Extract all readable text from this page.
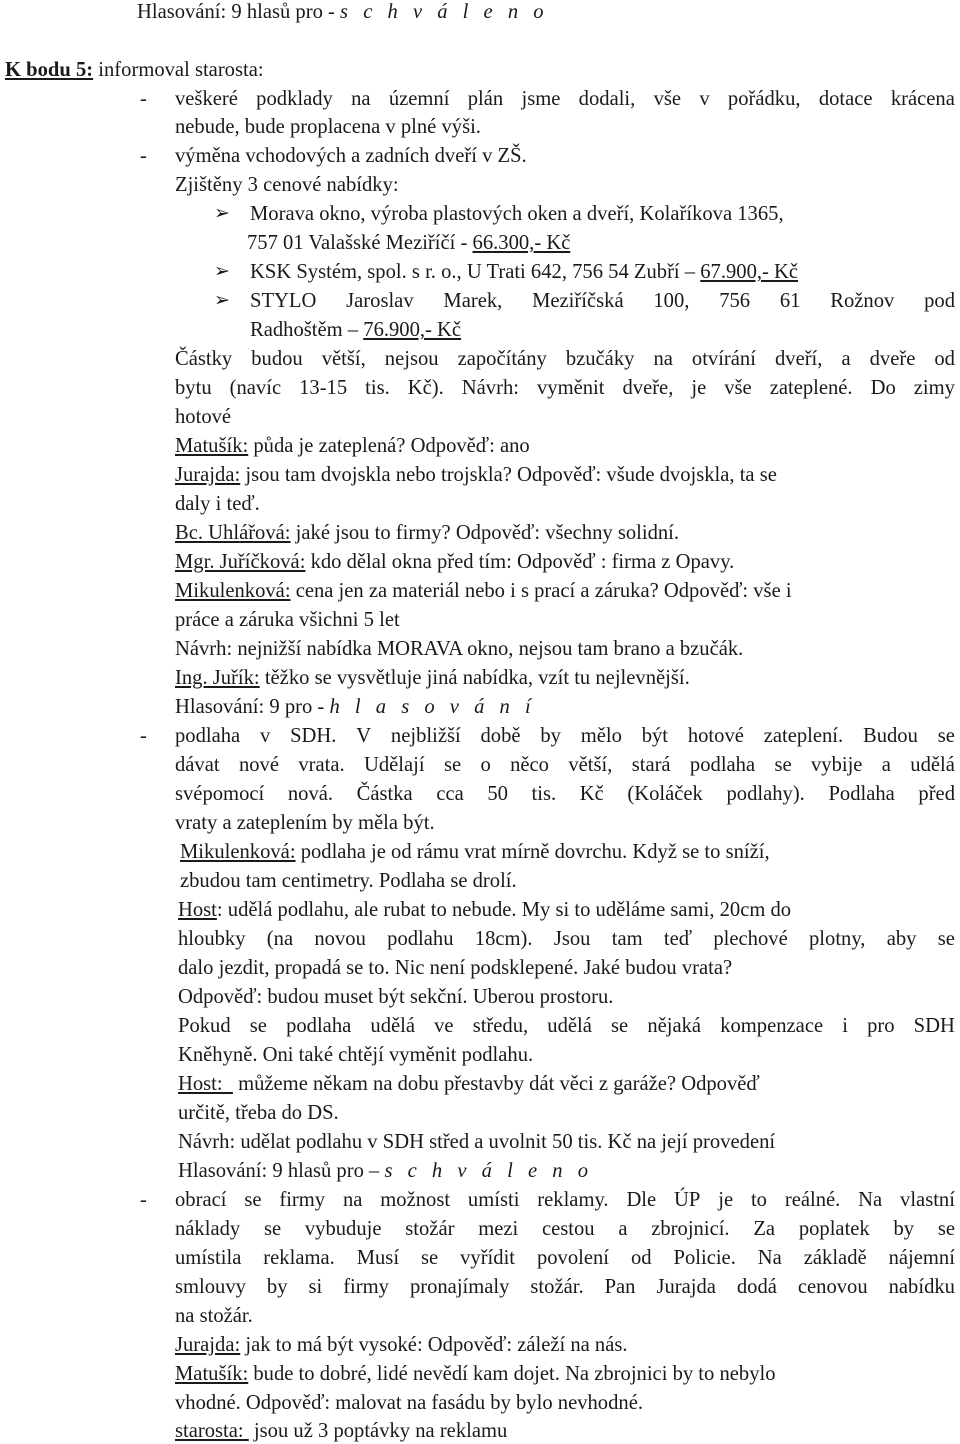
Hlasování: 9 hlasů pro - s c h v á l e n o
K bodu 5: informoval starosta:
- veškeré podklady na územní plán jsme dodali, vše v pořádku, dotace krácena
nebude, bude proplacena v plné výši.
- výměna vchodových a zadních dveří v ZŠ.
Zjištěny 3 cenové nabídky:
➢ Morava okno, výroba plastových oken a dveří, Kolaříkova 1365,
757 01 Valašské Meziříčí - 66.300,- Kč
➢ KSK Systém, spol. s r. o., U Trati 642, 756 54 Zubří – 67.900,- Kč
➢ STYLO Jaroslav Marek, Meziříčská 100, 756 61 Rožnov pod
Radhoštěm – 76.900,- Kč
Částky budou větší, nejsou započítány bzučáky na otvírání dveří, a dveře od
bytu (navíc 13-15 tis. Kč). Návrh: vyměnit dveře, je vše zateplené. Do zimy
hotové
Matušík: půda je zateplená? Odpověď: ano
Jurajda: jsou tam dvojskla nebo trojskla? Odpověď: všude dvojskla, ta se
daly i teď.
Bc. Uhlářová: jaké jsou to firmy? Odpověď: všechny solidní.
Mgr. Juříčková: kdo dělal okna před tím: Odpověď : firma z Opavy.
Mikulenková: cena jen za materiál nebo i s prací a záruka? Odpověď: vše i
práce a záruka všichni 5 let
Návrh: nejnižší nabídka MORAVA okno, nejsou tam brano a bzučák.
Ing. Juřík: těžko se vysvětluje jiná nabídka, vzít tu nejlevnější.
Hlasování: 9 pro - h l a s o v á n í
- podlaha v SDH. V nejbližší době by mělo být hotové zateplení. Budou se
dávat nové vrata. Udělají se o něco větší, stará podlaha se vybije a udělá
svépomocí nová. Částka cca 50 tis. Kč (Koláček podlahy). Podlaha před
vraty a zateplením by měla být.
Mikulenková: podlaha je od rámu vrat mírně dovrchu. Když se to sníží,
zbudou tam centimetry. Podlaha se drolí.
Host: udělá podlahu, ale rubat to nebude. My si to uděláme sami, 20cm do
hloubky (na novou podlahu 18cm). Jsou tam teď plechové plotny, aby se
dalo jezdit, propadá se to. Nic není podsklepené. Jaké budou vrata?
Odpověď: budou muset být sekční. Uberou prostoru.
Pokud se podlaha udělá ve středu, udělá se nějaká kompenzace i pro SDH
Kněhyně. Oni také chtějí vyměnit podlahu.
Host:   můžeme někam na dobu přestavby dát věci z garáže? Odpověď
určitě, třeba do DS.
Návrh: udělat podlahu v SDH střed a uvolnit 50 tis. Kč na její provedení
Hlasování: 9 hlasů pro – s c h v á l e n o
- obrací se firmy na možnost umísti reklamy. Dle ÚP je to reálné. Na vlastní
náklady se vybuduje stožár mezi cestou a zbrojnicí. Za poplatek by se
umístila reklama. Musí se vyřídit povolení od Policie. Na základě nájemní
smlouvy by si firmy pronajímaly stožár. Pan Jurajda dodá cenovou nabídku
na stožár.
Jurajda: jak to má být vysoké: Odpověď: záleží na nás.
Matušík: bude to dobré, lidé nevědí kam dojet. Na zbrojnici by to nebylo
vhodné. Odpověď: malovat na fasádu by bylo nevhodné.
starosta:  jsou už 3 poptávky na reklamu
